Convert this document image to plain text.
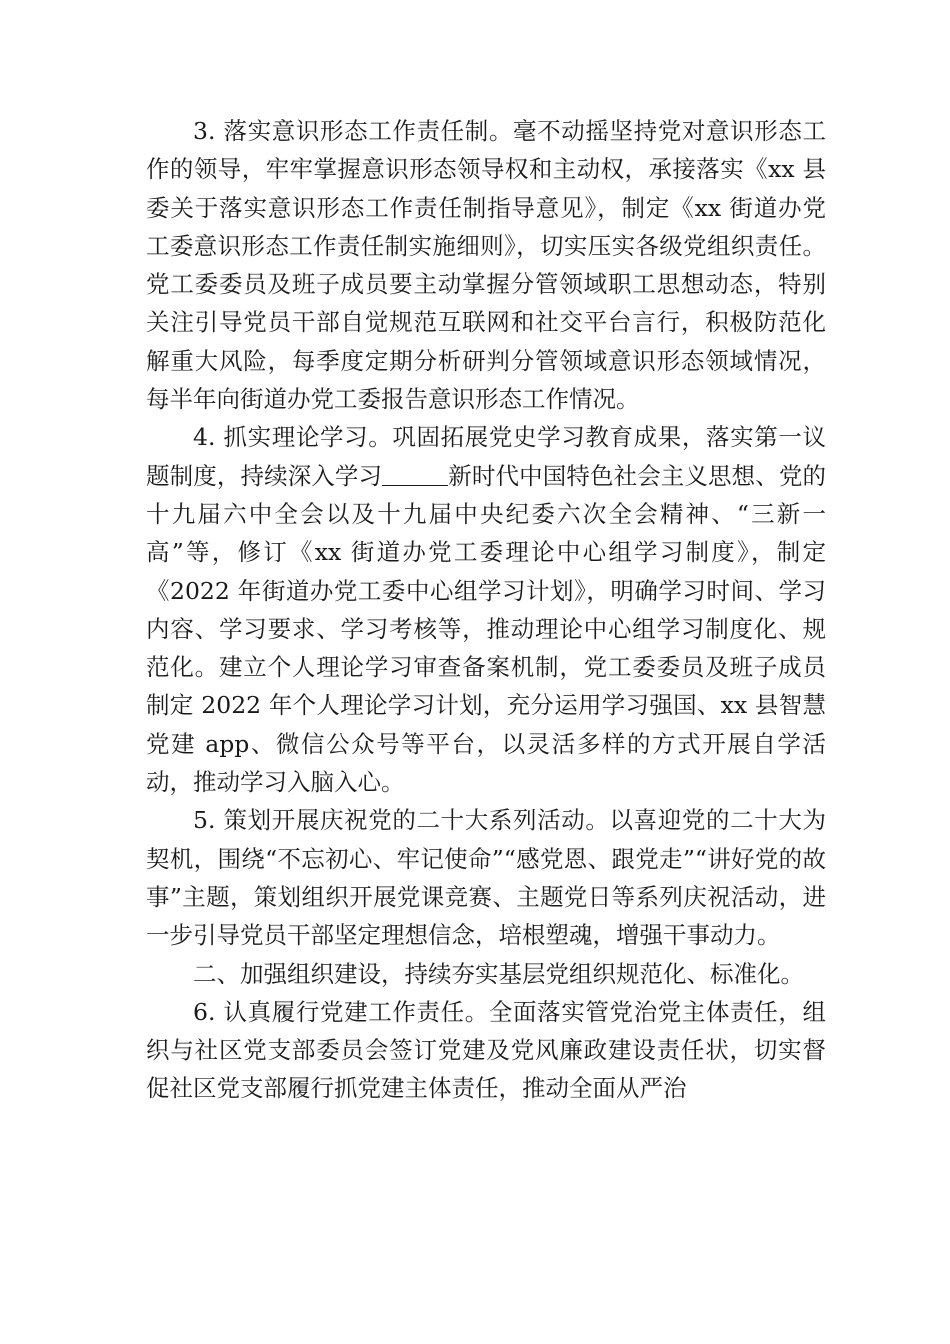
3. 落实意识形态工作责任制。毫不动摇坚持党对意识形态工作的领导，牢牢掌握意识形态领导权和主动权，承接落实《xx 县委关于落实意识形态工作责任制指导意见》，制定《xx 街道办党工委意识形态工作责任制实施细则》，切实压实各级党组织责任。党工委委员及班子成员要主动掌握分管领域职工思想动态，特别关注引导党员干部自觉规范互联网和社交平台言行，积极防范化解重大风险，每季度定期分析研判分管领域意识形态领域情况，每半年向街道办党工委报告意识形态工作情况。

4. 抓实理论学习。巩固拓展党史学习教育成果，落实第一议题制度，持续深入学习	新时代中国特色社会主义思想、党的十九届六中全会以及十九届中央纪委六次全会精神、“三新一高”等，修订《xx 街道办党工委理论中心组学习制度》，制定《2022 年街道办党工委中心组学习计划》，明确学习时间、学习内容、学习要求、学习考核等，推动理论中心组学习制度化、规范化。建立个人理论学习审查备案机制，党工委委员及班子成员制定 2022 年个人理论学习计划，充分运用学习强国、xx 县智慧党建 app、微信公众号等平台，以灵活多样的方式开展自学活动，推动学习入脑入心。

5. 策划开展庆祝党的二十大系列活动。以喜迎党的二十大为契机，围绕“不忘初心、牢记使命”“感党恩、跟党走”“讲好党的故事”主题，策划组织开展党课竞赛、主题党日等系列庆祝活动，进一步引导党员干部坚定理想信念，培根塑魂，增强干事动力。

二、加强组织建设，持续夯实基层党组织规范化、标准化。

6. 认真履行党建工作责任。全面落实管党治党主体责任，组织与社区党支部委员会签订党建及党风廉政建设责任状，切实督促社区党支部履行抓党建主体责任，推动全面从严治
